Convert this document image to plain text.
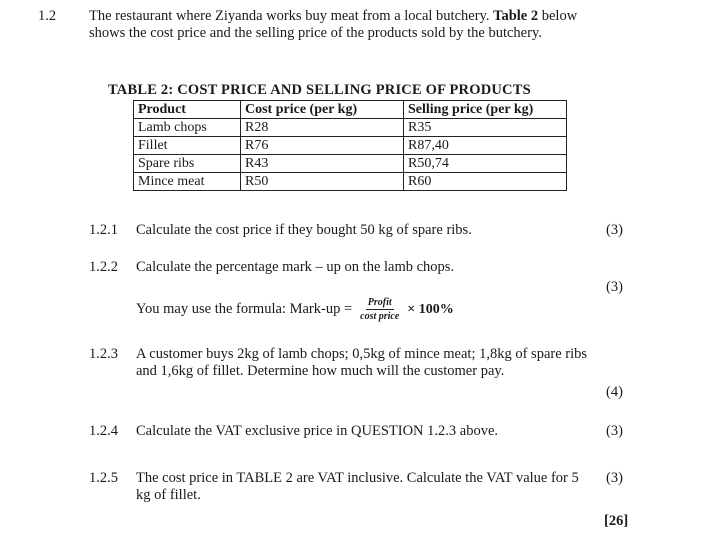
1.2 The restaurant where Ziyanda works buy meat from a local butchery. Table 2 below shows the cost price and the selling price of the products sold by the butchery.
TABLE 2: COST PRICE AND SELLING PRICE OF PRODUCTS
Product	Cost price (per kg)	Selling price (per kg)
Lamb chops	R28	R35
Fillet	R76	R87,40
Spare ribs	R43	R50,74
Mince meat	R50	R60
1.2.1 Calculate the cost price if they bought 50 kg of spare ribs.	(3)
1.2.2 Calculate the percentage mark – up on the lamb chops.
(3)
You may use the formula: Mark-up = $\frac{\text{Profit}}{\text{cost price}} \times 100\%$
1.2.3 A customer buys 2kg of lamb chops; 0,5kg of mince meat; 1,8kg of spare ribs and 1,6kg of fillet. Determine how much will the customer pay.
(4)
1.2.4 Calculate the VAT exclusive price in QUESTION 1.2.3 above.	(3)
1.2.5 The cost price in TABLE 2 are VAT inclusive. Calculate the VAT value for 5 kg of fillet.
(3)
[26]
